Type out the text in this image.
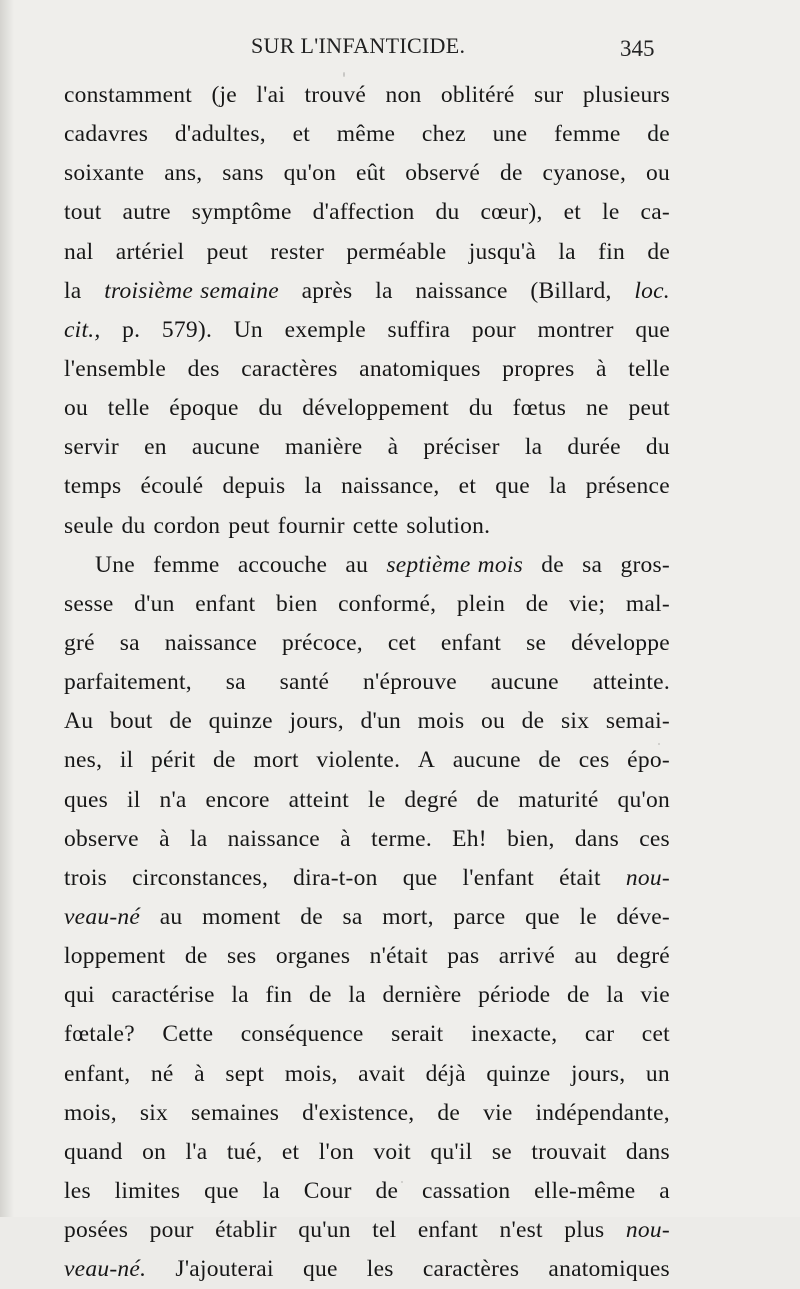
SUR L'INFANTICIDE.	345
constamment (je l'ai trouvé non oblitéré sur plusieurs
cadavres d'adultes, et même chez une femme de
soixante ans, sans qu'on eût observé de cyanose, ou
tout autre symptôme d'affection du cœur), et le ca-
nal artériel peut rester perméable jusqu'à la fin de
la troisième semaine après la naissance (Billard, loc.
cit., p. 579). Un exemple suffira pour montrer que
l'ensemble des caractères anatomiques propres à telle
ou telle époque du développement du fœtus ne peut
servir en aucune manière à préciser la durée du
temps écoulé depuis la naissance, et que la présence
seule du cordon peut fournir cette solution.
Une femme accouche au septième mois de sa gros-
sesse d'un enfant bien conformé, plein de vie; mal-
gré sa naissance précoce, cet enfant se développe
parfaitement, sa santé n'éprouve aucune atteinte.
Au bout de quinze jours, d'un mois ou de six semai-
nes, il périt de mort violente. A aucune de ces épo-
ques il n'a encore atteint le degré de maturité qu'on
observe à la naissance à terme. Eh! bien, dans ces
trois circonstances, dira-t-on que l'enfant était nou-
veau-né au moment de sa mort, parce que le déve-
loppement de ses organes n'était pas arrivé au degré
qui caractérise la fin de la dernière période de la vie
fœtale? Cette conséquence serait inexacte, car cet
enfant, né à sept mois, avait déjà quinze jours, un
mois, six semaines d'existence, de vie indépendante,
quand on l'a tué, et l'on voit qu'il se trouvait dans
les limites que la Cour de cassation elle-même a
posées pour établir qu'un tel enfant n'est plus nou-
veau-né. J'ajouterai que les caractères anatomiques
